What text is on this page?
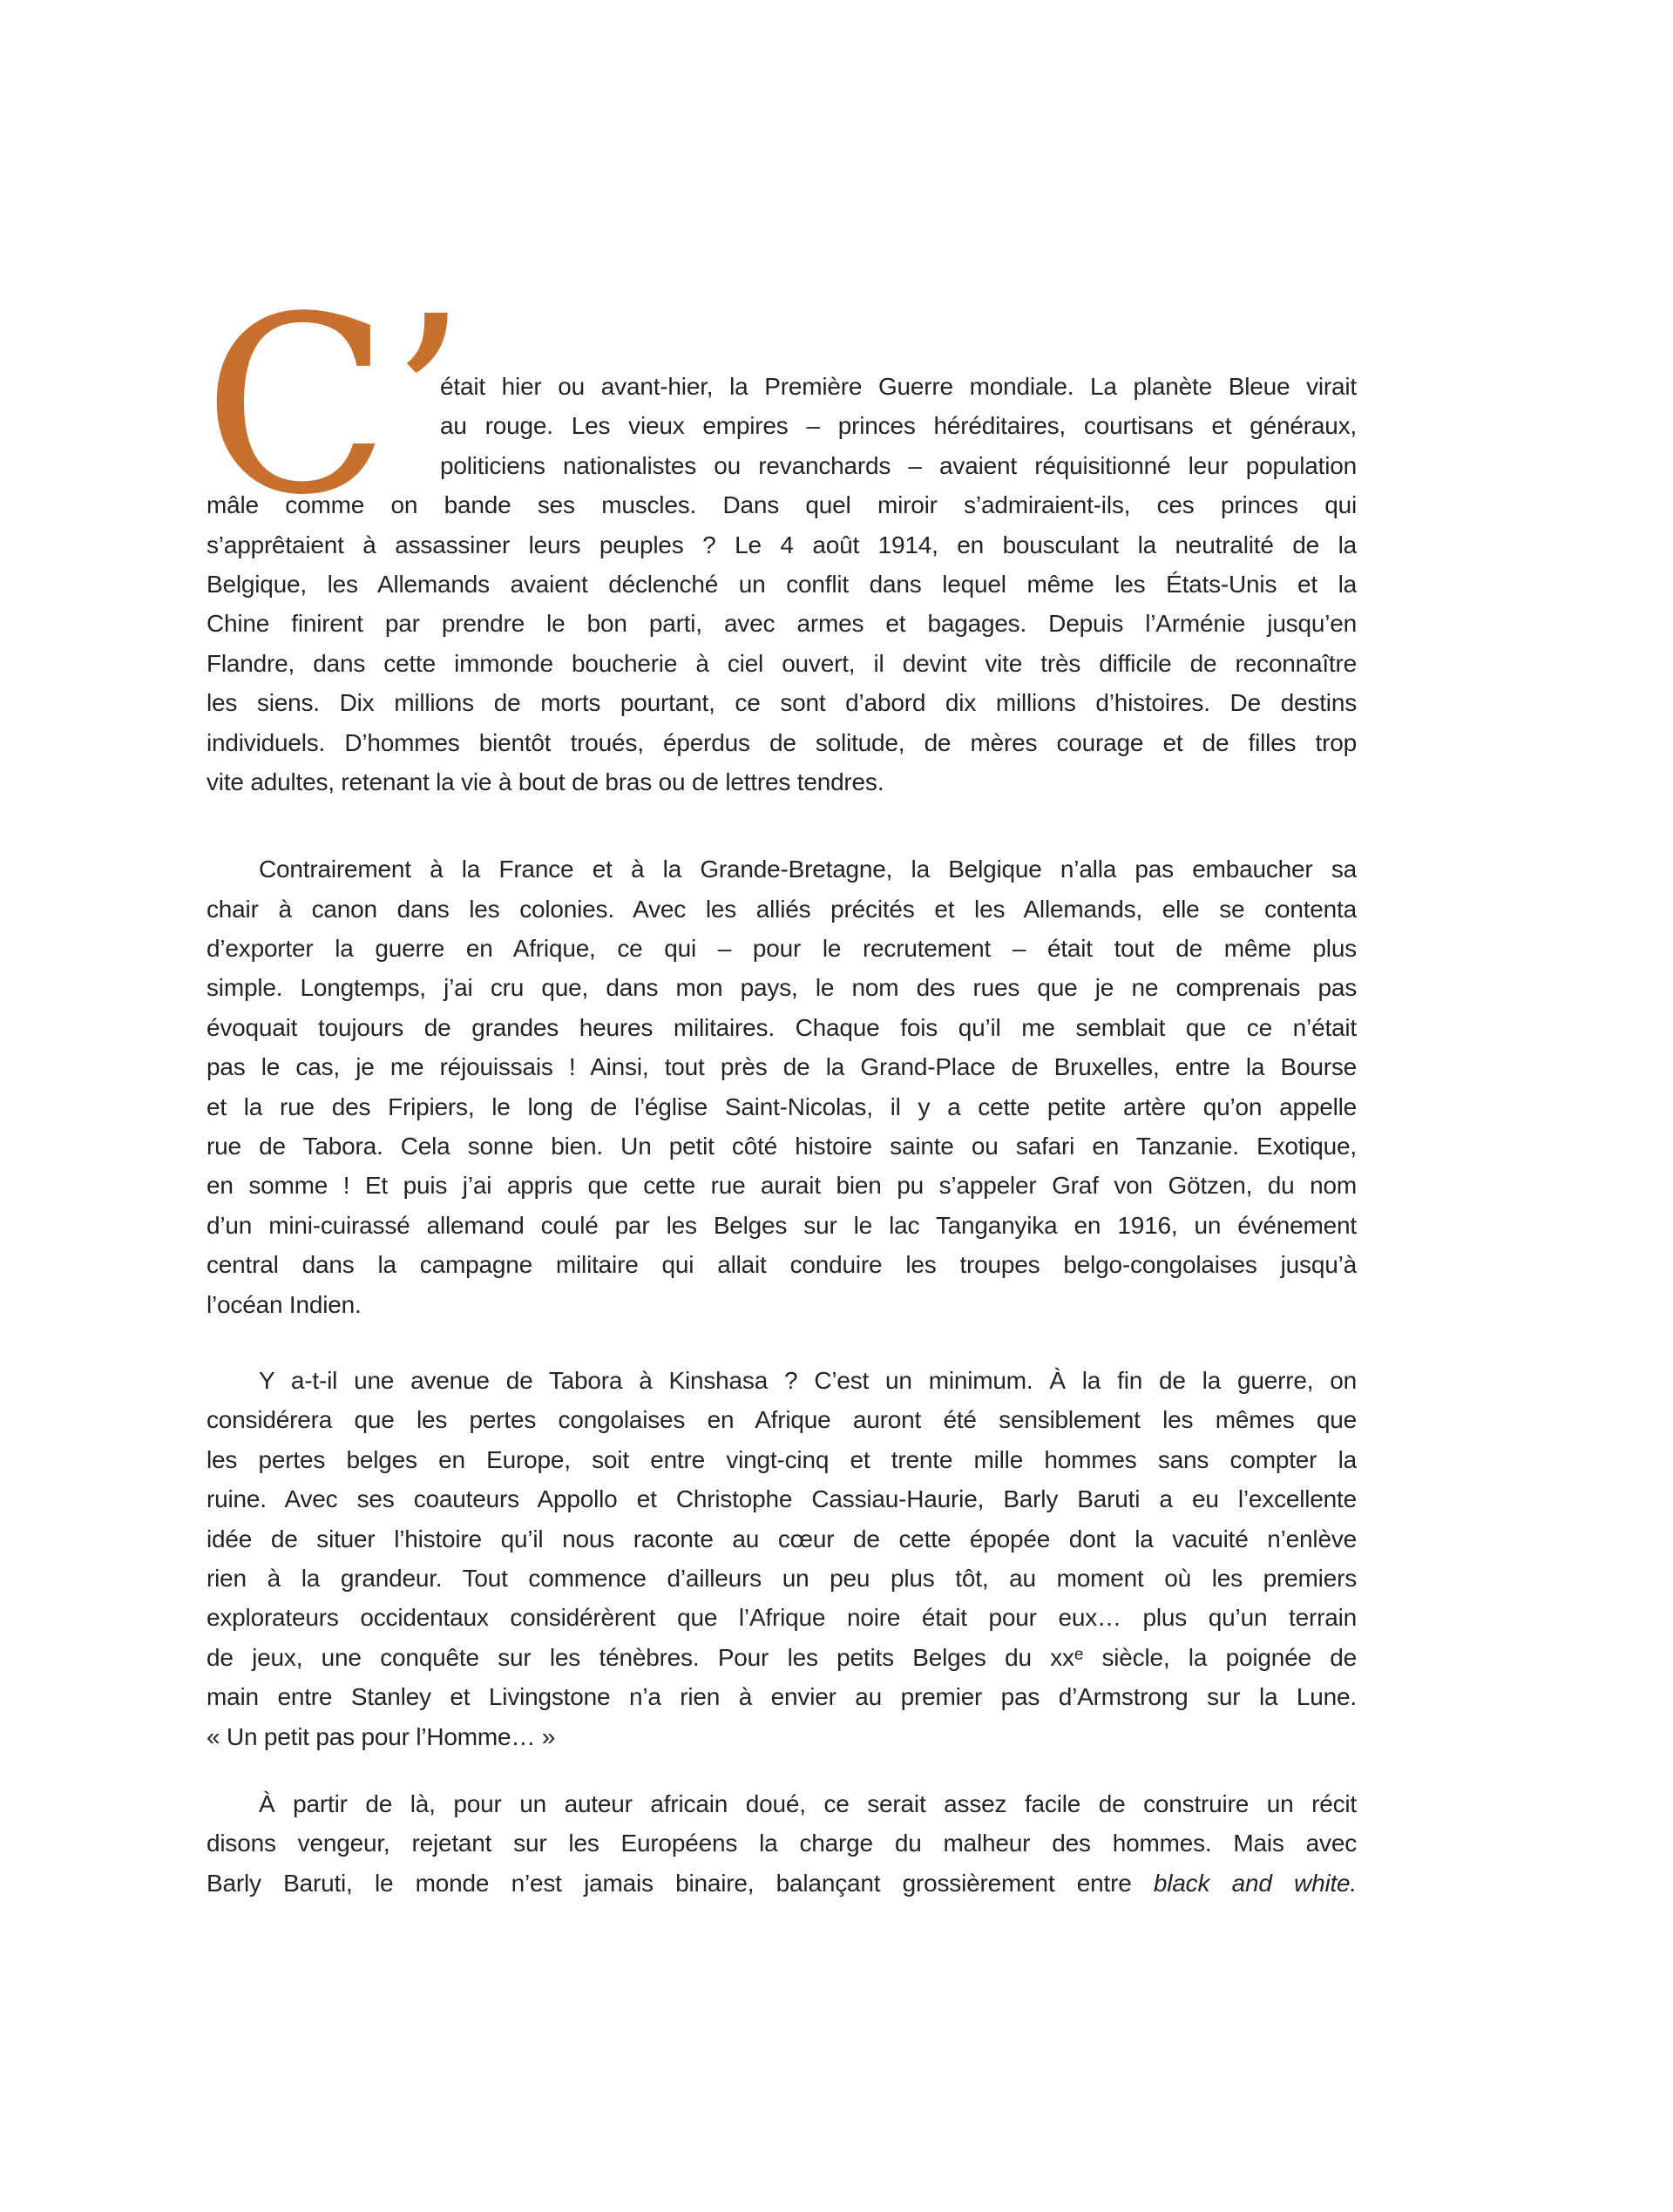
C’
était hier ou avant-hier, la Première Guerre mondiale. La planète Bleue virait
au rouge. Les vieux empires – princes héréditaires, courtisans et généraux,
politiciens nationalistes ou revanchards – avaient réquisitionné leur population
mâle comme on bande ses muscles. Dans quel miroir s’admiraient-ils, ces princes qui
s’apprêtaient à assassiner leurs peuples ? Le 4 août 1914, en bousculant la neutralité de la
Belgique, les Allemands avaient déclenché un conflit dans lequel même les États-Unis et la
Chine finirent par prendre le bon parti, avec armes et bagages. Depuis l’Arménie jusqu’en
Flandre, dans cette immonde boucherie à ciel ouvert, il devint vite très difficile de reconnaître
les siens. Dix millions de morts pourtant, ce sont d’abord dix millions d’histoires. De destins
individuels. D’hommes bientôt troués, éperdus de solitude, de mères courage et de filles trop
vite adultes, retenant la vie à bout de bras ou de lettres tendres.
Contrairement à la France et à la Grande-Bretagne, la Belgique n’alla pas embaucher sa
chair à canon dans les colonies. Avec les alliés précités et les Allemands, elle se contenta
d’exporter la guerre en Afrique, ce qui – pour le recrutement – était tout de même plus
simple. Longtemps, j’ai cru que, dans mon pays, le nom des rues que je ne comprenais pas
évoquait toujours de grandes heures militaires. Chaque fois qu’il me semblait que ce n’était
pas le cas, je me réjouissais ! Ainsi, tout près de la Grand-Place de Bruxelles, entre la Bourse
et la rue des Fripiers, le long de l’église Saint-Nicolas, il y a cette petite artère qu’on appelle
rue de Tabora. Cela sonne bien. Un petit côté histoire sainte ou safari en Tanzanie. Exotique,
en somme ! Et puis j’ai appris que cette rue aurait bien pu s’appeler Graf von Götzen, du nom
d’un mini-cuirassé allemand coulé par les Belges sur le lac Tanganyika en 1916, un événement
central dans la campagne militaire qui allait conduire les troupes belgo-congolaises jusqu’à
l’océan Indien.
Y a-t-il une avenue de Tabora à Kinshasa ? C’est un minimum. À la fin de la guerre, on
considérera que les pertes congolaises en Afrique auront été sensiblement les mêmes que
les pertes belges en Europe, soit entre vingt-cinq et trente mille hommes sans compter la
ruine. Avec ses coauteurs Appollo et Christophe Cassiau-Haurie, Barly Baruti a eu l’excellente
idée de situer l’histoire qu’il nous raconte au cœur de cette épopée dont la vacuité n’enlève
rien à la grandeur. Tout commence d’ailleurs un peu plus tôt, au moment où les premiers
explorateurs occidentaux considérèrent que l’Afrique noire était pour eux… plus qu’un terrain
de jeux, une conquête sur les ténèbres. Pour les petits Belges du xxᵉ siècle, la poignée de
main entre Stanley et Livingstone n’a rien à envier au premier pas d’Armstrong sur la Lune.
« Un petit pas pour l’Homme… »
À partir de là, pour un auteur africain doué, ce serait assez facile de construire un récit
disons vengeur, rejetant sur les Européens la charge du malheur des hommes. Mais avec
Barly Baruti, le monde n’est jamais binaire, balançant grossièrement entre black and white.
